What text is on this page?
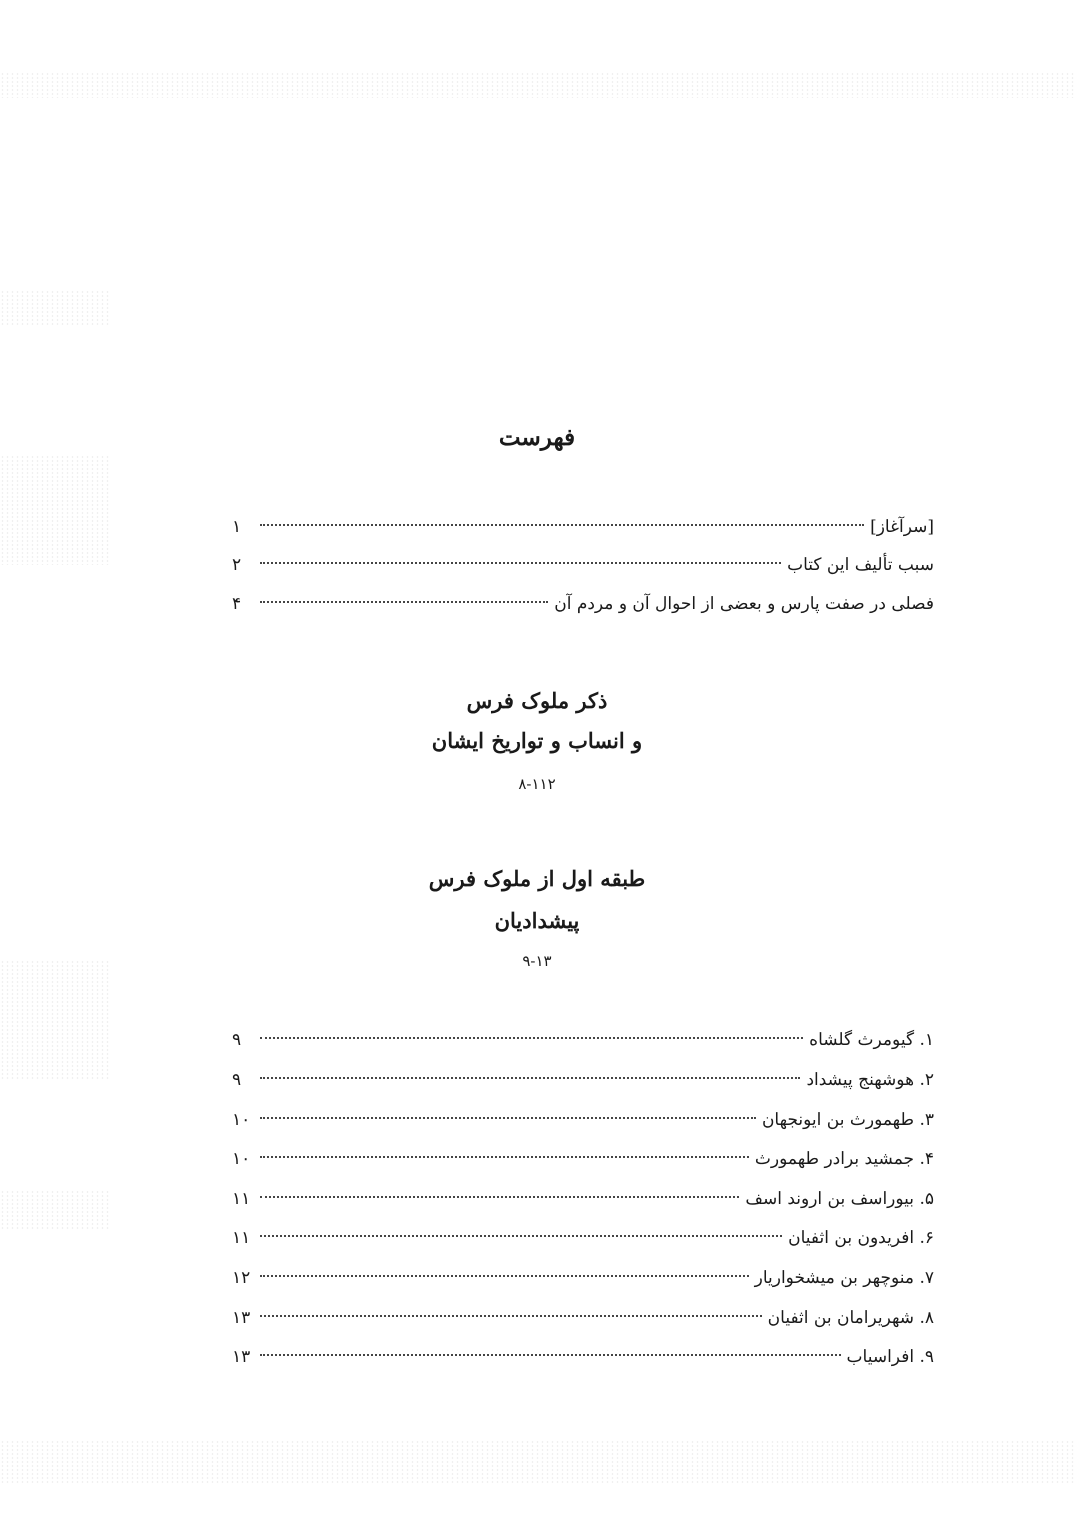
فهرست
[سرآغاز]
۱
سبب تألیف این کتاب
۲
فصلی در صفت پارس و بعضی از احوال آن و مردم آن
۴
ذکر ملوک فرس
و انساب و تواریخ ایشان
۸-۱۱۲
طبقه اول از ملوک فرس
پیشدادیان
۹-۱۳
۱. گیومرث گلشاه
۹
۲. هوشهنج پیشداد
۹
۳. طهمورث بن ایونجهان
۱۰
۴. جمشید برادر طهمورث
۱۰
۵. بیوراسف بن اروند اسف
۱۱
۶. افریدون بن اثفیان
۱۱
۷. منوچهر بن میشخواریار
۱۲
۸. شهریرامان بن اثفیان
۱۳
۹. افراسیاب
۱۳
